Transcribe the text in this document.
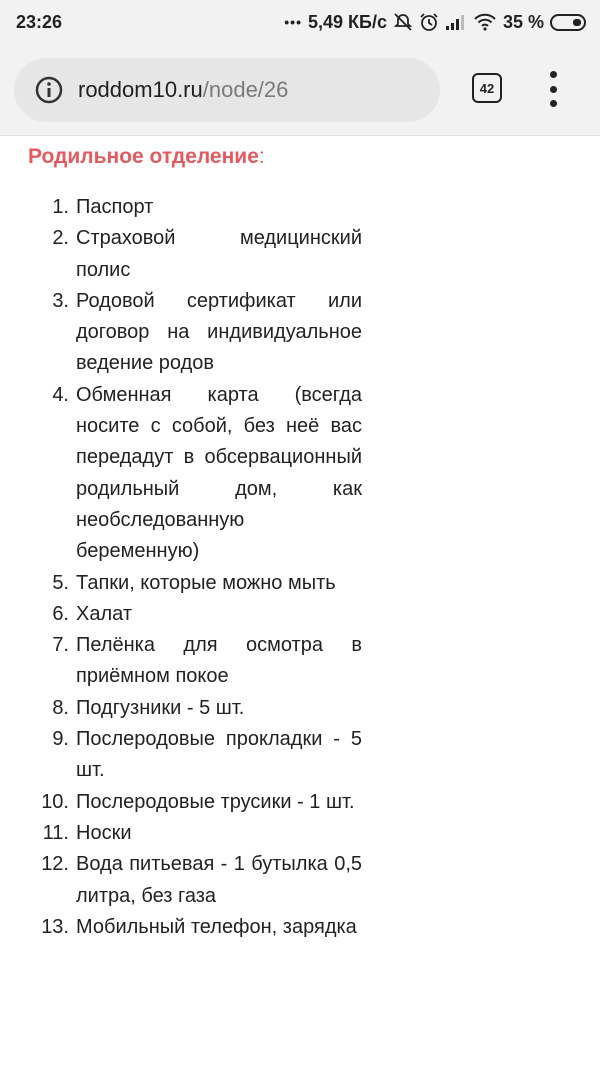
23:26	••• 5,49 КБ/с	35 %
roddom10.ru /node/26	42
Родильное отделение:
1. Паспорт
2. Страховой медицинский полис
3. Родовой сертификат или договор на индивидуальное ведение родов
4. Обменная карта (всегда носите с собой, без неё вас передадут в обсервационный родильный дом, как необследованную беременную)
5. Тапки, которые можно мыть
6. Халат
7. Пелёнка для осмотра в приёмном покое
8. Подгузники - 5 шт.
9. Послеродовые прокладки - 5 шт.
10. Послеродовые трусики - 1 шт.
11. Носки
12. Вода питьевая - 1 бутылка 0,5 литра, без газа
13. Мобильный телефон, зарядка
